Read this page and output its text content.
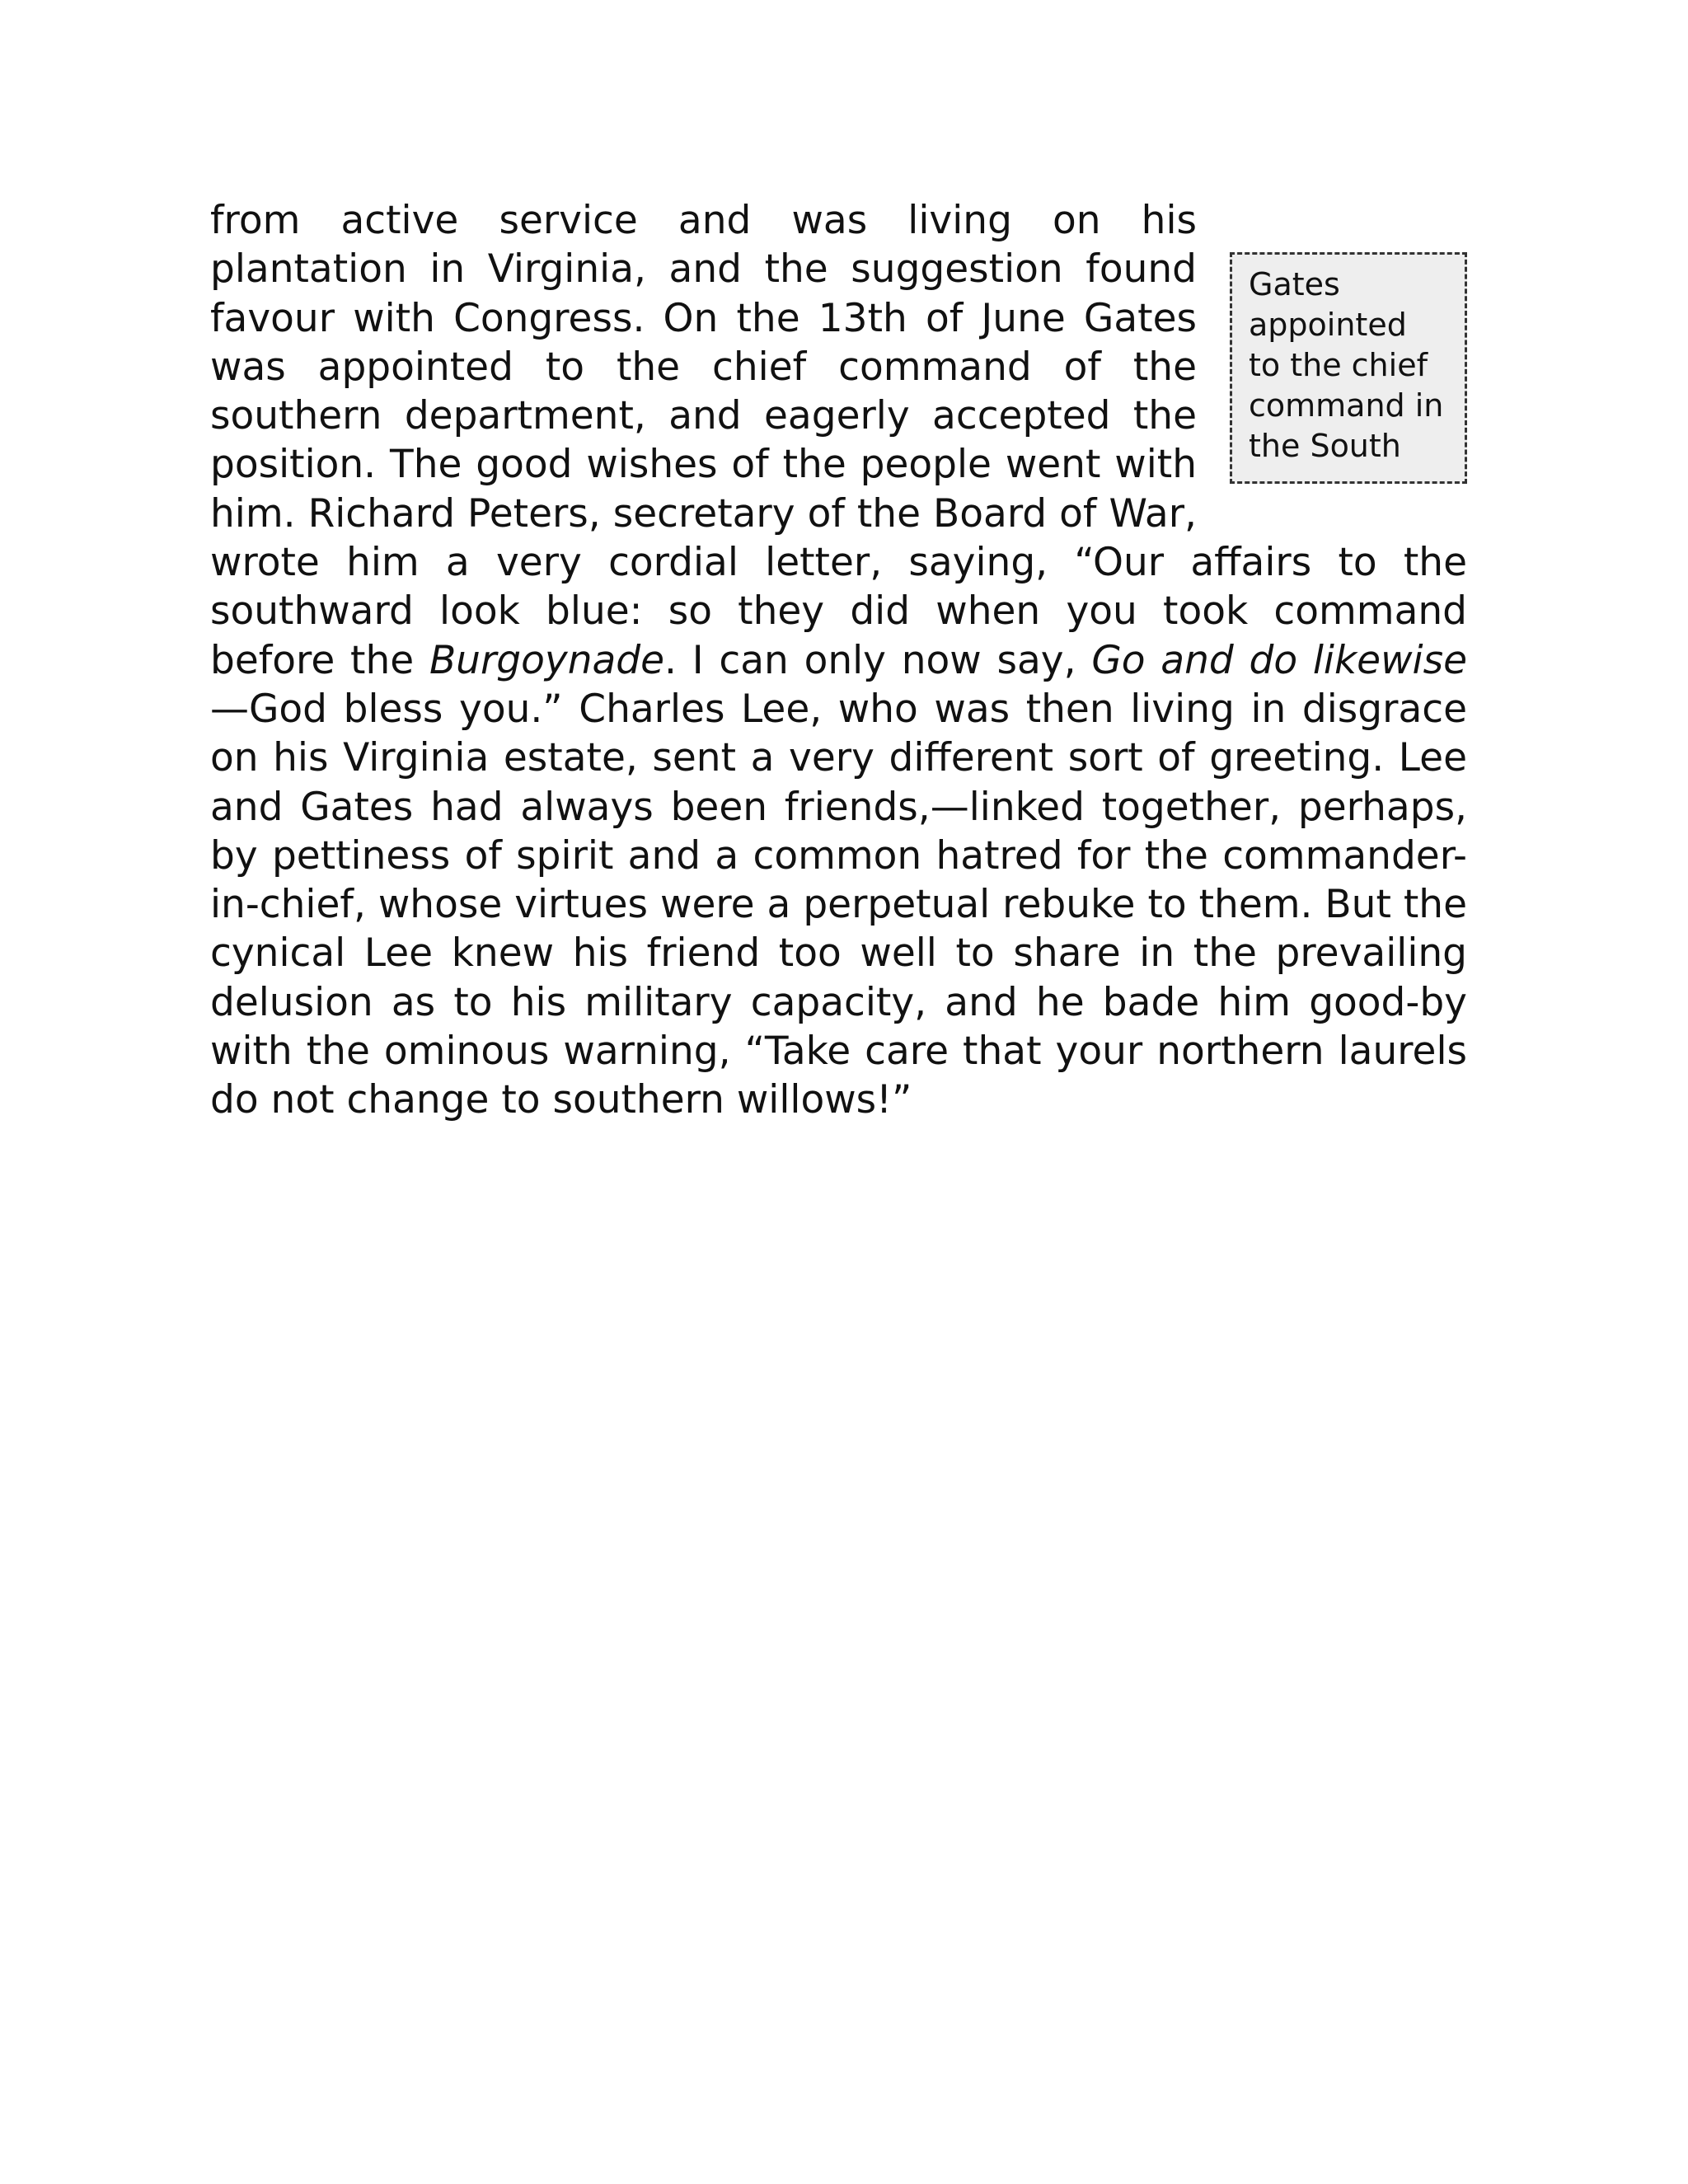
Gates
appointed
to the chief
command in
the South

from active service and was living on his plantation in Virginia, and the suggestion found favour with Congress. On the 13th of June Gates was appointed to the chief command of the southern department, and eagerly accepted the position. The good wishes of the people went with him. Richard Peters, secretary of the Board of War, wrote him a very cordial letter, saying, “Our affairs to the southward look blue: so they did when you took command before the Burgoynade. I can only now say, Go and do likewise—God bless you.” Charles Lee, who was then living in disgrace on his Virginia estate, sent a very different sort of greeting. Lee and Gates had always been friends,—linked together, perhaps, by pettiness of spirit and a common hatred for the commander-in-chief, whose virtues were a perpetual rebuke to them. But the cynical Lee knew his friend too well to share in the prevailing delusion as to his military capacity, and he bade him good-by with the ominous warning, “Take care that your northern laurels do not change to southern willows!”
